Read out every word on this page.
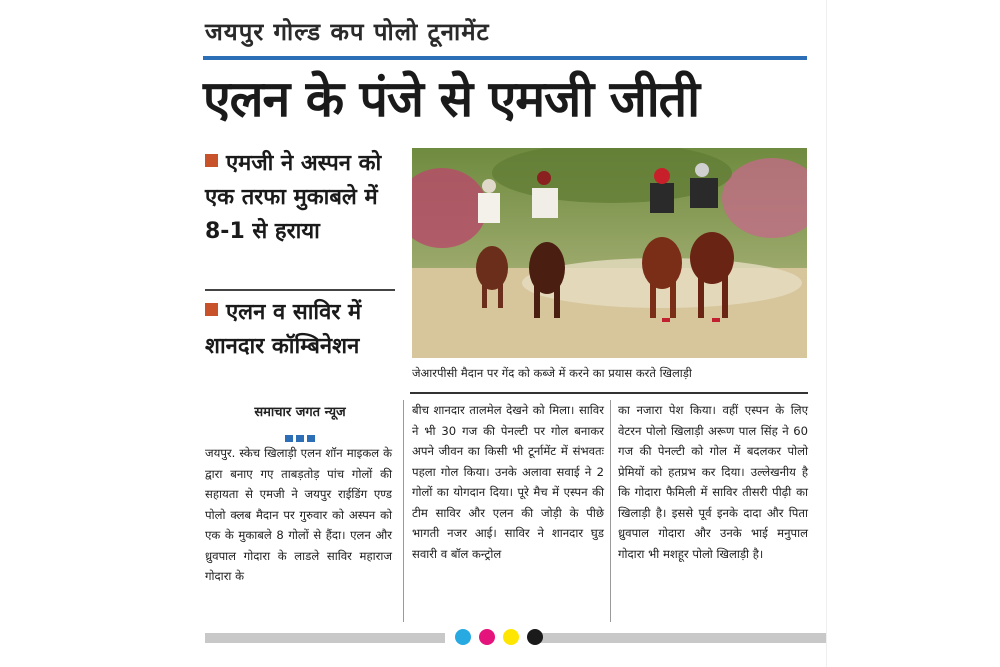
जयपुर गोल्ड कप पोलो टूनामेंट
एलन के पंजे से एमजी जीती
एमजी ने अस्पन को एक तरफा मुकाबले में 8-1 से हराया
एलन व साविर में शानदार कॉम्बिनेशन
समाचार जगत न्यूज
जेआरपीसी मैदान पर गेंद को कब्जे में करने का प्रयास करते खिलाड़ी
जयपुर. स्केच खिलाड़ी एलन शॉन माइकल के द्वारा बनाए गए ताबड़तोड़ पांच गोलों की सहायता से एमजी ने जयपुर राईडिंग एण्ड पोलो क्लब मैदान पर गुरुवार को अस्पन को एक के मुकाबले 8 गोलों से हैंदा। एलन और ध्रुवपाल गोदारा के लाडले साविर महाराज गोदारा के
बीच शानदार तालमेल देखने को मिला। साविर ने भी 30 गज की पेनल्टी पर गोल बनाकर अपने जीवन का किसी भी टूर्नामेंट में संभवतः पहला गोल किया। उनके अलावा सवाई ने 2 गोलों का योगदान दिया। पूरे मैच में एस्पन की टीम साविर और एलन की जोड़ी के पीछे भागती नजर आई। साविर ने शानदार घुड सवारी व बॉल कन्ट्रोल
का नजारा पेश किया। वहीं एस्पन के लिए वेटरन पोलो खिलाड़ी अरूण पाल सिंह ने 60 गज की पेनल्टी को गोल में बदलकर पोलो प्रेमियों को हतप्रभ कर दिया। उल्लेखनीय है कि गोदारा फैमिली में साविर तीसरी पीढ़ी का खिलाड़ी है। इससे पूर्व इनके दादा और पिता ध्रुवपाल गोदारा और उनके भाई मनुपाल गोदारा भी मशहूर पोलो खिलाड़ी है।
